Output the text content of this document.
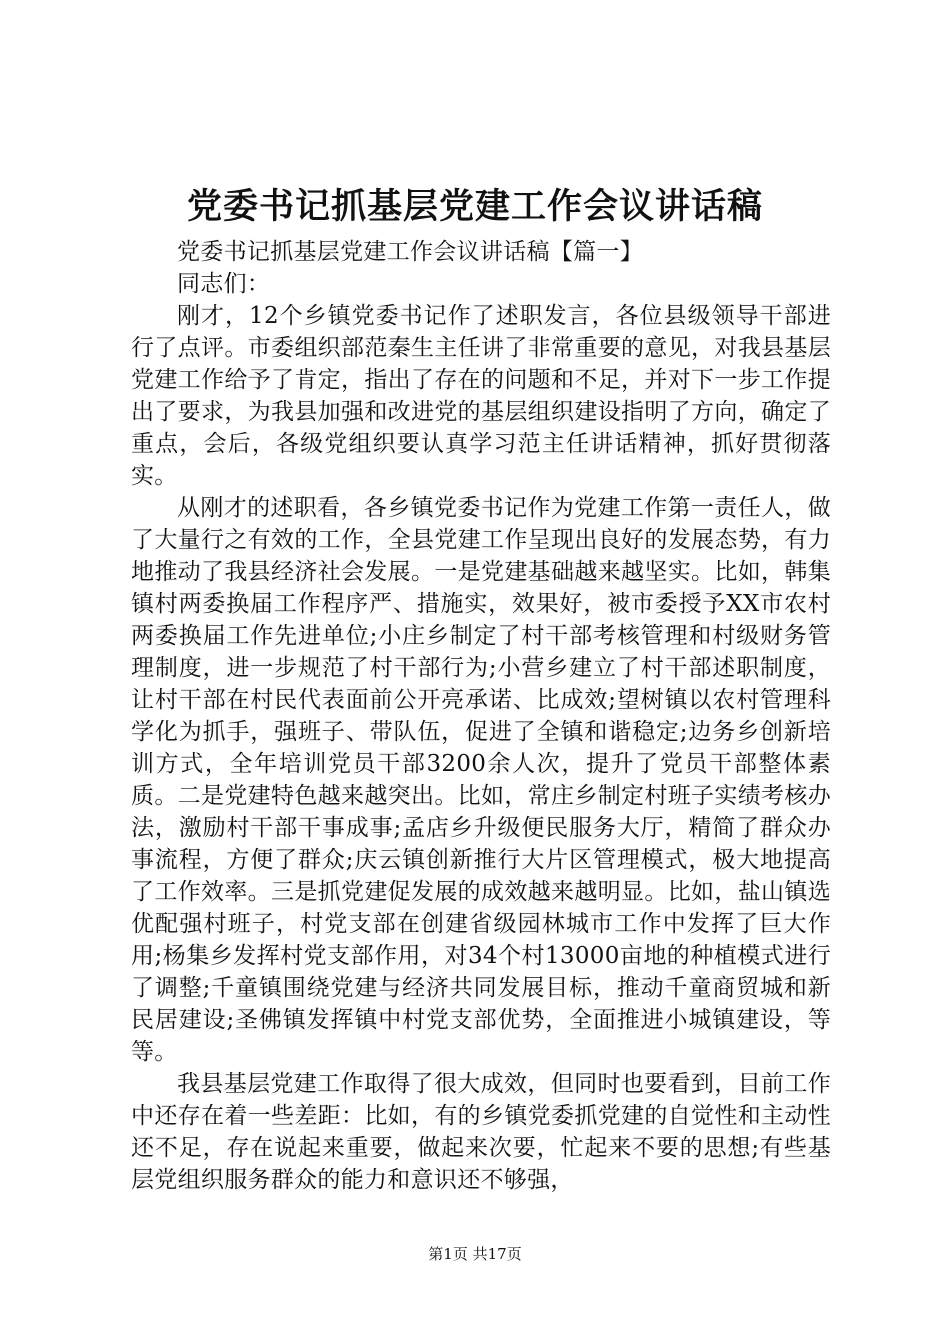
党委书记抓基层党建工作会议讲话稿

党委书记抓基层党建工作会议讲话稿【篇一】

同志们：

刚才，12个乡镇党委书记作了述职发言，各位县级领导干部进行了点评。市委组织部范秦生主任讲了非常重要的意见，对我县基层党建工作给予了肯定，指出了存在的问题和不足，并对下一步工作提出了要求，为我县加强和改进党的基层组织建设指明了方向，确定了重点，会后，各级党组织要认真学习范主任讲话精神，抓好贯彻落实。

从刚才的述职看，各乡镇党委书记作为党建工作第一责任人，做了大量行之有效的工作，全县党建工作呈现出良好的发展态势，有力地推动了我县经济社会发展。一是党建基础越来越坚实。比如，韩集镇村两委换届工作程序严、措施实，效果好，被市委授予XX市农村两委换届工作先进单位;小庄乡制定了村干部考核管理和村级财务管理制度，进一步规范了村干部行为;小营乡建立了村干部述职制度，让村干部在村民代表面前公开亮承诺、比成效;望树镇以农村管理科学化为抓手，强班子、带队伍，促进了全镇和谐稳定;边务乡创新培训方式，全年培训党员干部3200余人次，提升了党员干部整体素质。二是党建特色越来越突出。比如，常庄乡制定村班子实绩考核办法，激励村干部干事成事;孟店乡升级便民服务大厅，精简了群众办事流程，方便了群众;庆云镇创新推行大片区管理模式，极大地提高了工作效率。三是抓党建促发展的成效越来越明显。比如，盐山镇选优配强村班子，村党支部在创建省级园林城市工作中发挥了巨大作用;杨集乡发挥村党支部作用，对34个村13000亩地的种植模式进行了调整;千童镇围绕党建与经济共同发展目标，推动千童商贸城和新民居建设;圣佛镇发挥镇中村党支部优势，全面推进小城镇建设，等等。

我县基层党建工作取得了很大成效，但同时也要看到，目前工作中还存在着一些差距：比如，有的乡镇党委抓党建的自觉性和主动性还不足，存在说起来重要，做起来次要，忙起来不要的思想;有些基层党组织服务群众的能力和意识还不够强，

第1页 共17页
